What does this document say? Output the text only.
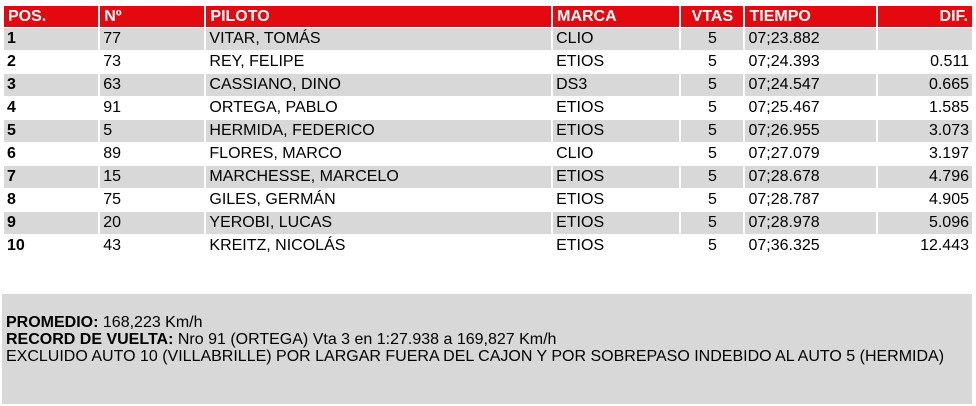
POS.	Nº	PILOTO	MARCA	VTAS	TIEMPO	DIF.
1	77	VITAR, TOMÁS	CLIO	5	07;23.882	
2	73	REY, FELIPE	ETIOS	5	07;24.393	0.511
3	63	CASSIANO, DINO	DS3	5	07;24.547	0.665
4	91	ORTEGA, PABLO	ETIOS	5	07;25.467	1.585
5	5	HERMIDA, FEDERICO	ETIOS	5	07;26.955	3.073
6	89	FLORES, MARCO	CLIO	5	07;27.079	3.197
7	15	MARCHESSE, MARCELO	ETIOS	5	07;28.678	4.796
8	75	GILES, GERMÁN	ETIOS	5	07;28.787	4.905
9	20	YEROBI, LUCAS	ETIOS	5	07;28.978	5.096
10	43	KREITZ, NICOLÁS	ETIOS	5	07;36.325	12.443
PROMEDIO: 168,223 Km/h
RECORD DE VUELTA: Nro 91 (ORTEGA) Vta 3 en 1:27.938 a 169,827 Km/h
EXCLUIDO AUTO 10 (VILLABRILLE) POR LARGAR FUERA DEL CAJON Y POR SOBREPASO INDEBIDO AL AUTO 5 (HERMIDA)
